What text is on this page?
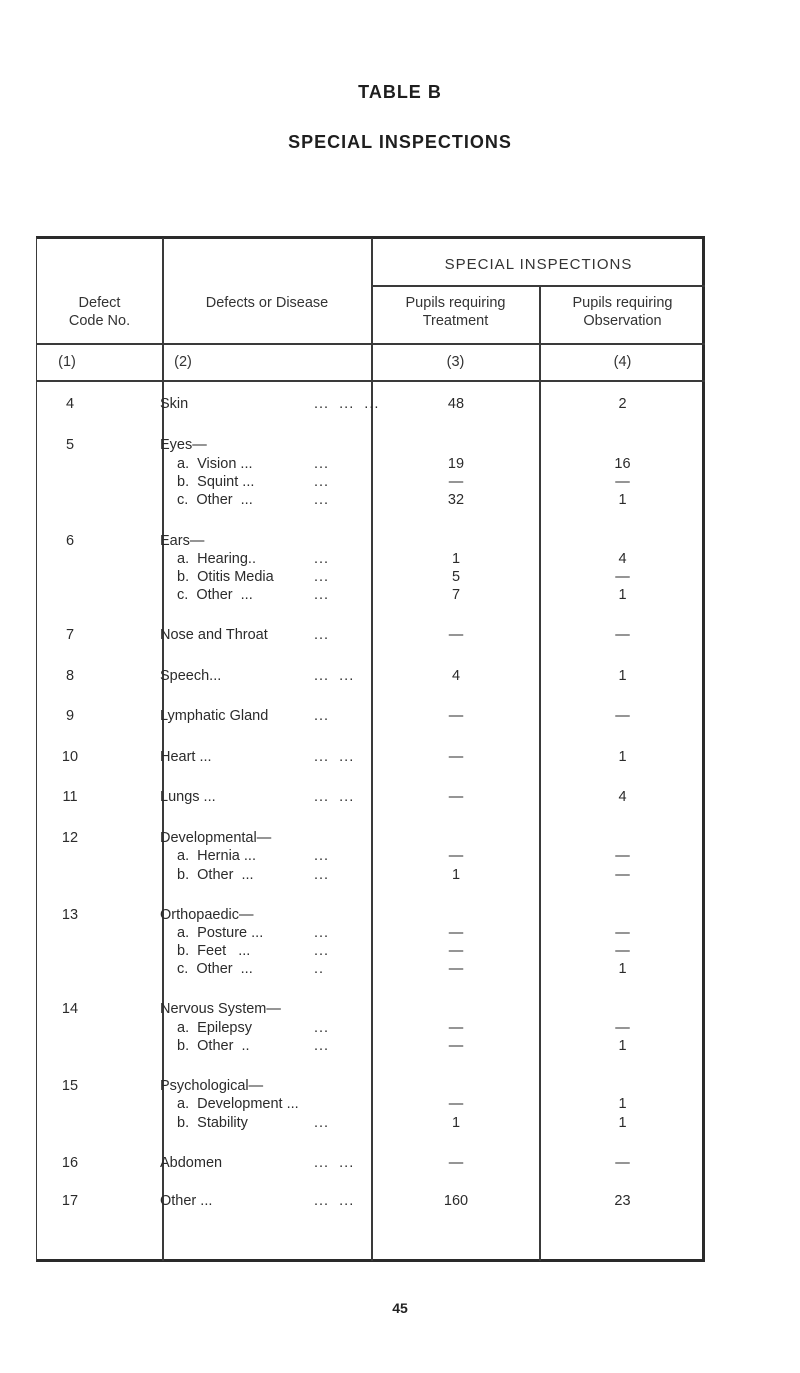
TABLE B
SPECIAL INSPECTIONS
SPECIAL INSPECTIONS
Defect
Code No.
Defects or Disease	Pupils requiring
Treatment
Pupils requiring
Observation
(1)	(2)	(3)	(4)
4	Skin	...  ...  ...	48	2
5	Eyes—
a.  Vision ...	...	19	16
b.  Squint ...	...	—	—
c.  Other  ...	...	32	1
6	Ears—
a.  Hearing..	...	1	4
b.  Otitis Media	...	5	—
c.  Other  ...	...	7	1
7	Nose and Throat	...	—	—
8	Speech...	...  ...	4	1
9	Lymphatic Gland	...	—	—
10	Heart ...	...  ...	—	1
11	Lungs ...	...  ...	—	4
12	Developmental—
a.  Hernia ...	...	—	—
b.  Other  ...	...	1	—
13	Orthopaedic—
a.  Posture ...	...	—	—
b.  Feet   ...	...	—	—
c.  Other  ...	..	—	1
14	Nervous System—
a.  Epilepsy	...	—	—
b.  Other  ..	...	—	1
15	Psychological—
a.  Development ...	—	1
b.  Stability	...	1	1
16	Abdomen	...  ...	—	—
17	Other ...	...  ...	160	23
45
